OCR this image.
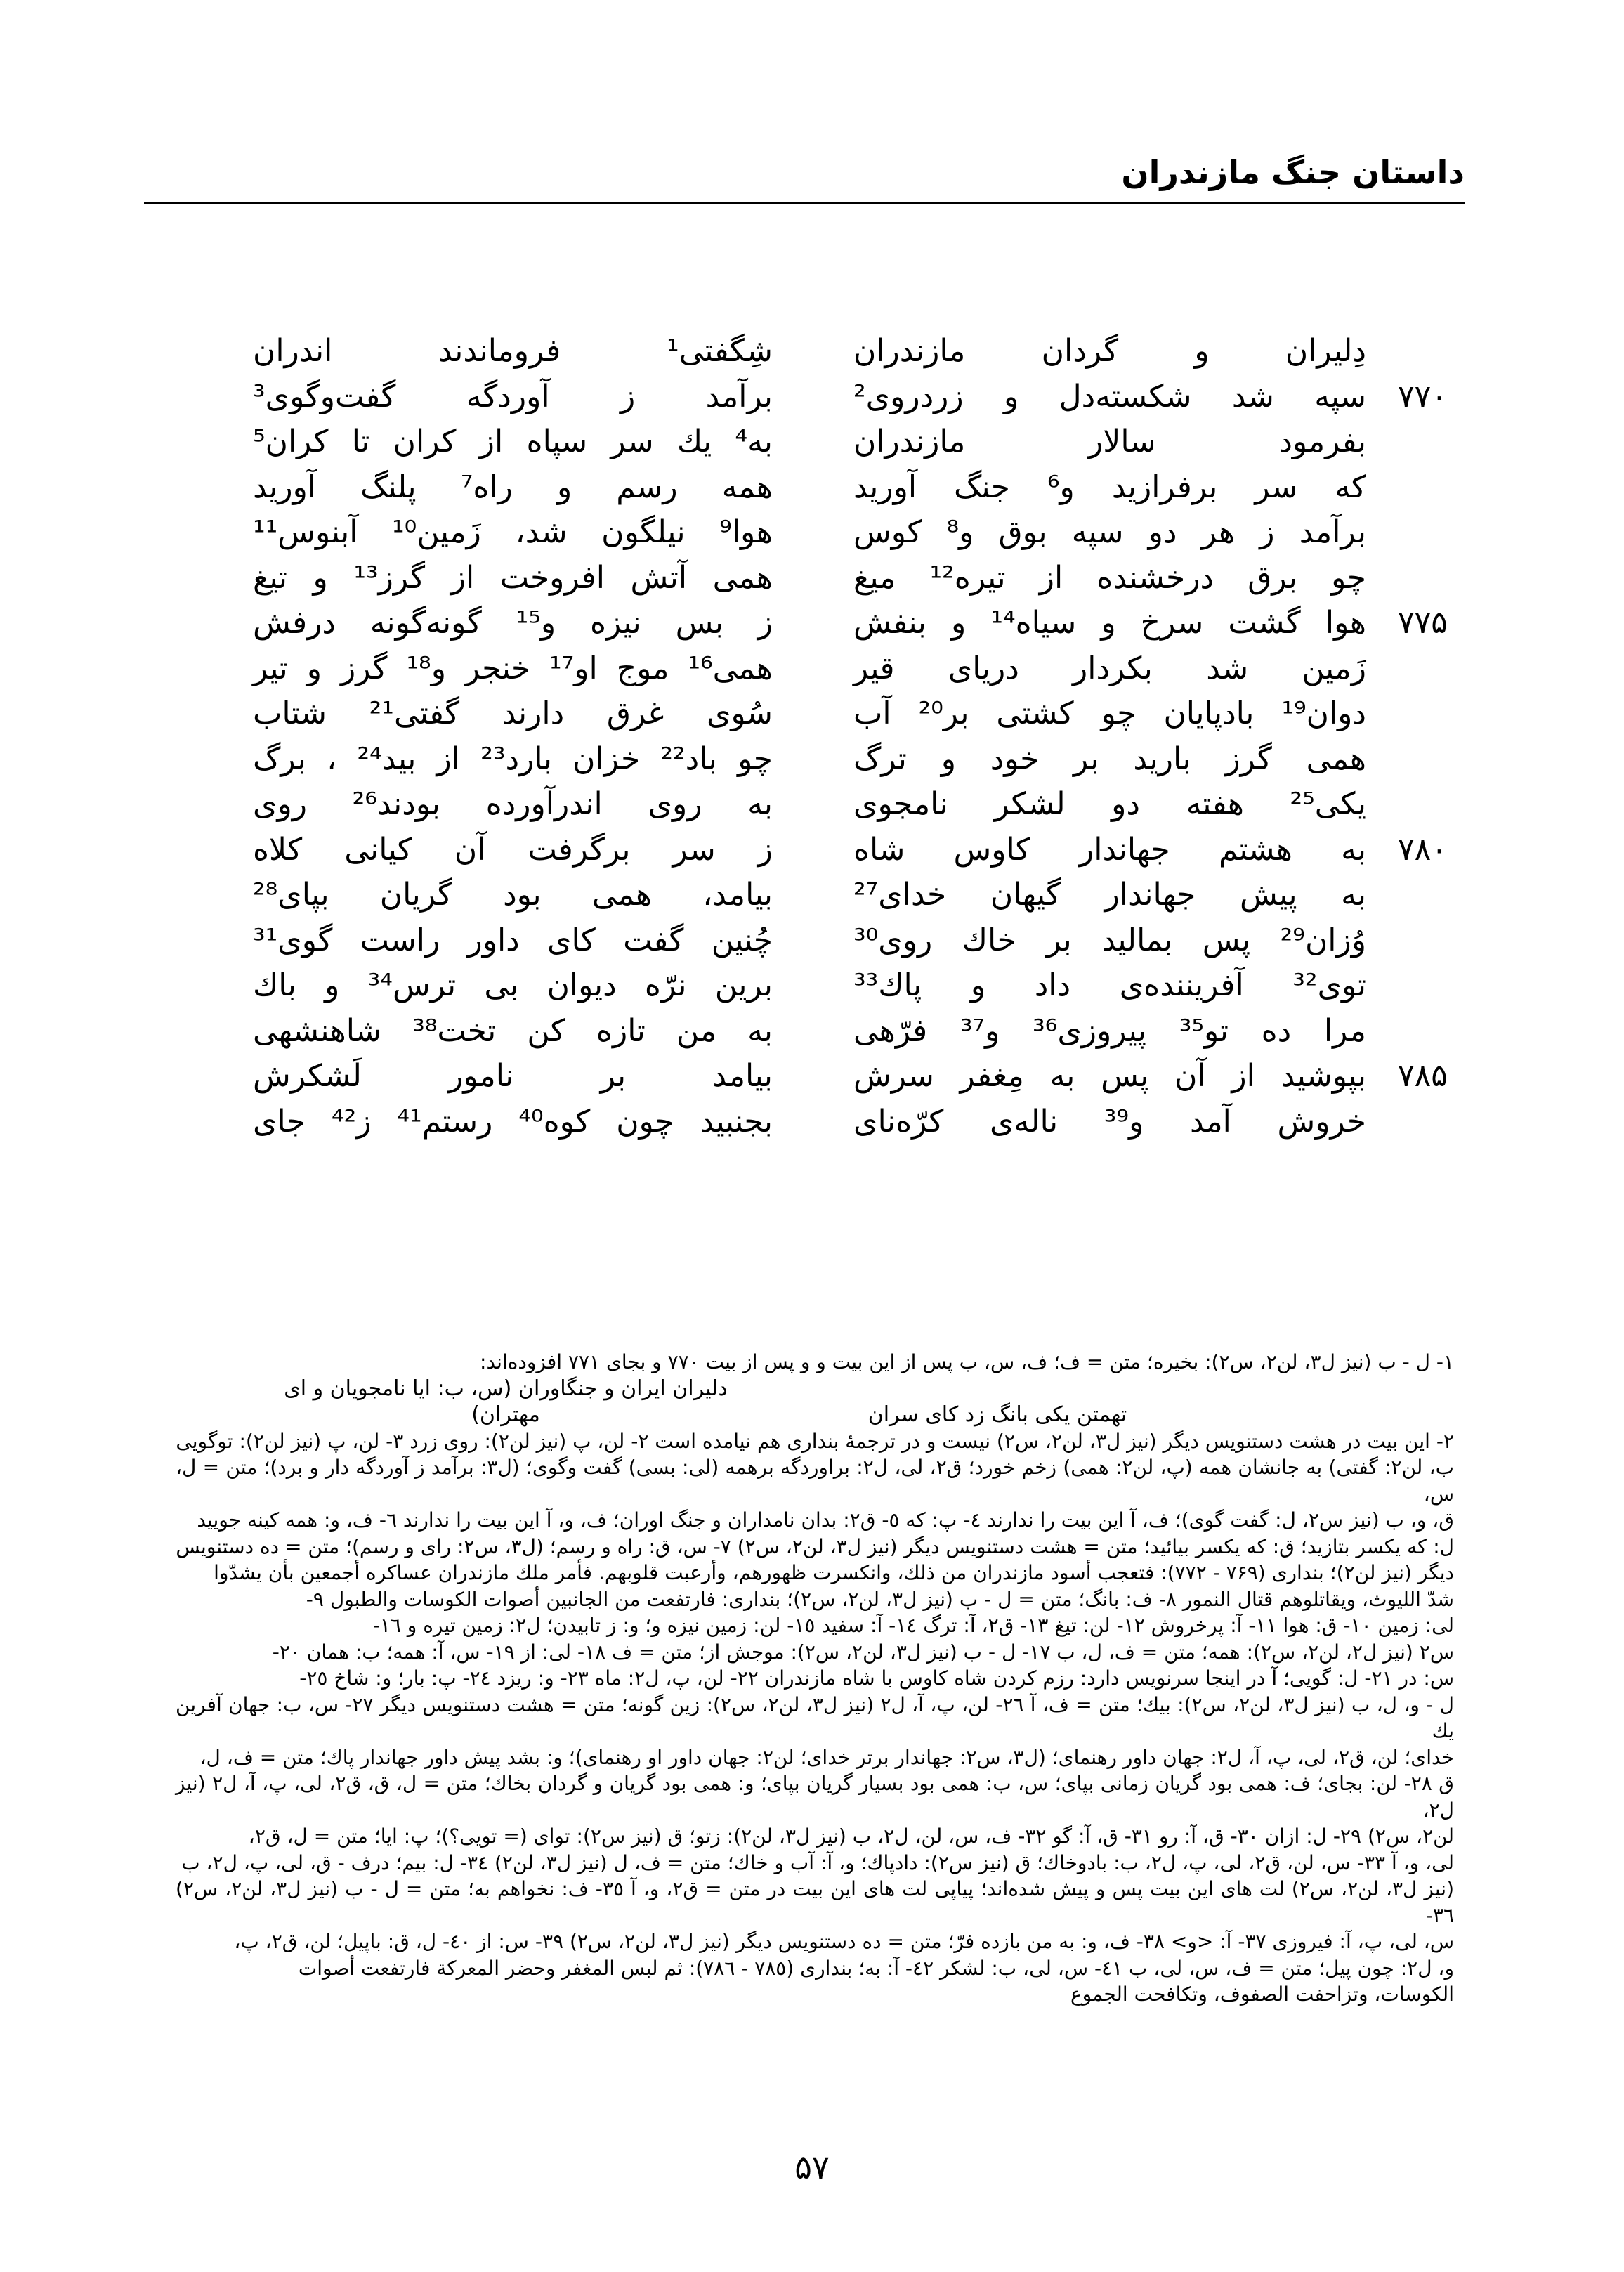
داستان جنگ مازندران
دِلیران و گردان مازندران
شِگفتی¹ فروماندند اندران
۷۷۰
سپه شد شکسته‌دل و زردروی²
برآمد ز آوردگه گفت‌وگوی³
بفرمود سالار مازندران
به⁴ یك سر سپاه از کران تا کران⁵
که سر برفرازید و⁶ جنگ آورید
همه رسم و راه⁷ پلنگ آورید
برآمد ز هر دو سپه بوق و⁸ کوس
هوا⁹ نیلگون شد، زَمین¹⁰ آبنوس¹¹
چو برق درخشنده از تیره¹² میغ
همی آتش افروخت از گرز¹³ و تیغ
۷۷۵
هوا گشت سرخ و سیاه¹⁴ و بنفش
ز بس نیزه و¹⁵ گونه‌گونه درفش
زَمین شد بکردار دریای قیر
همی¹⁶ موج او¹⁷ خنجر و¹⁸ گرز و تیر
دوان¹⁹ بادپایان چو کشتی بر²⁰ آب
سُوی غرق دارند گفتی²¹ شتاب
همی گرز بارید بر خود و ترگ
چو باد²² خزان بارد²³ از بید²⁴ ، برگ
یکی²⁵ هفته دو لشکر نامجوی
به روی اندرآورده بودند²⁶ روی
۷۸۰
به هشتم جهاندار کاوس شاه
ز سر برگرفت آن کیانی کلاه
به پیش جهاندار گیهان خدای²⁷
بیامد، همی بود گریان بپای²⁸
وُزان²⁹ پس بمالید بر خاك روی³⁰
چُنین گفت کای داور راست گوی³¹
توی³² آفریننده‌ی داد و پاك³³
برین نرّه دیوان بی ترس³⁴ و باك
مرا ده تو³⁵ پیروزی³⁶ و³⁷ فرّهی
به من تازه کن تخت³⁸ شاهنشهی
۷۸۵
بپوشید از آن پس به مِغفر سرش
بیامد بر نامور لَشکرش
خروش آمد و³⁹ ناله‌ی کرّه‌نای
بجنبید چون کوه⁴⁰ رستم⁴¹ ز⁴² جای

۱- ل - ب (نیز ل۳، لن۲، س۲): بخیره؛ متن = ف؛ ف، س، ب پس از این بیت و و پس از بیت ۷۷۰ و بجای ۷۷۱ افزوده‌اند:

تهمتن یکی بانگ زد کای سراندلیران ایران و جنگاوران (س، ب: ایا نامجویان و ای مهتران)

۲- این بیت در هشت دستنویس دیگر (نیز ل۳، لن۲، س۲) نیست و در ترجمهٔ بنداری هم نیامده است ۲- لن، پ (نیز لن۲): روی زرد ۳- لن، پ (نیز لن۲): توگویی

ب، لن۲: گفتی) به جانشان همه (پ، لن۲: همی) زخم خورد؛ ق۲، لی، ل۲: براوردگه برهمه (لی: بسی) گفت وگوی؛ (ل۳: برآمد ز آوردگه دار و برد)؛ متن = ل، س،

ق، و، ب (نیز س۲، ل: گفت گوی)؛ ف، آ این بیت را ندارند ٤- پ: که ٥- ق۲: بدان نامداران و جنگ اوران؛ ف، و، آ این بیت را ندارند ٦- ف، و: همه کینه جویید

ل: که یکسر بتازید؛ ق: که یکسر بیائید؛ متن = هشت دستنویس دیگر (نیز ل۳، لن۲، س۲) ۷- س، ق: راه و رسم؛ (ل۳، س۲: رای و رسم)؛ متن = ده دستنویس

دیگر (نیز لن۲)؛ بنداری (۷۶۹ - ۷۷۲): فتعجب أسود مازندران من ذلك، وانكسرت ظهورهم، وأرعبت قلوبهم. فأمر ملك مازندران عساكره أجمعين بأن يشدّوا

شدّ الليوث، ويقاتلوهم قتال النمور ۸- ف: بانگ؛ متن = ل - ب (نیز ل۳، لن۲، س۲)؛ بنداری: فارتفعت من الجانبين أصوات الكوسات والطبول ۹-

لی: زمین ۱۰- ق: هوا ۱۱- آ: پرخروش ۱۲- لن: تیغ ۱۳- ق۲، آ: ترگ ۱٤- آ: سفید ۱٥- لن: زمین نیزه و؛ و: ز تابیدن؛ ل۲: زمین تیره و ۱٦-

س۲ (نیز ل۲، لن۲، س۲): همه؛ متن = ف، ل، ب ۱۷- ل - ب (نیز ل۳، لن۲، س۲): موجش از؛ متن = ف ۱۸- لی: از ۱۹- س، آ: همه؛ ب: همان ۲۰-

س: در ۲۱- ل: گویی؛ آ در اینجا سرنویس دارد: رزم کردن شاه کاوس با شاه مازندران ۲۲- لن، پ، ل۲: ماه ۲۳- و: ریزد ۲٤- پ: بار؛ و: شاخ ۲٥-

ل - و، ل، ب (نیز ل۳، لن۲، س۲): بیك؛ متن = ف، آ ۲٦- لن، پ، آ، ل۲ (نیز ل۳، لن۲، س۲): زین گونه؛ متن = هشت دستنویس دیگر ۲۷- س، ب: جهان آفرین یك

خدای؛ لن، ق۲، لی، پ، آ، ل۲: جهان داور رهنمای؛ (ل۳، س۲: جهاندار برتر خدای؛ لن۲: جهان داور او رهنمای)؛ و: بشد پیش داور جهاندار پاك؛ متن = ف، ل،

ق ۲۸- لن: بجای؛ ف: همی بود گریان زمانی بپای؛ س، ب: همی بود بسیار گریان بپای؛ و: همی بود گریان و گردان بخاك؛ متن = ل، ق، ق۲، لی، پ، آ، ل۲ (نیز ل۲،

لن۲، س۲) ۲۹- ل: ازان ۳۰- ق، آ: رو ۳۱- ق، آ: گو ۳۲- ف، س، لن، ل۲، ب (نیز ل۳، لن۲): زتو؛ ق (نیز س۲): توای (= تویی؟)؛ پ: ایا؛ متن = ل، ق۲،

لی، و، آ ۳۳- س، لن، ق۲، لی، پ، ل۲، ب: بادوخاك؛ ق (نیز س۲): دادپاك؛ و، آ: آب و خاك؛ متن = ف، ل (نیز ل۳، لن۲) ۳٤- ل: بیم؛ درف - ق، لی، پ، ل۲، ب

(نیز ل۳، لن۲، س۲) لت های این بیت پس و پیش شده‌اند؛ پیاپی لت های این بیت در متن = ق۲، و، آ ۳٥- ف: نخواهم به؛ متن = ل - ب (نیز ل۳، لن۲، س۲) ۳٦-

س، لی، پ، آ: فیروزی ۳۷- آ: <و> ۳۸- ف، و: به من بازده فرّ؛ متن = ده دستنویس دیگر (نیز ل۳، لن۲، س۲) ۳۹- س: از ٤۰- ل، ق: باپیل؛ لن، ق۲، پ،

و، ل۲: چون پیل؛ متن = ف، س، لی، ب ٤۱- س، لی، ب: لشکر ٤۲- آ: به؛ بنداری (۷۸٥ - ۷۸٦): ثم لبس المغفر وحضر المعركة فارتفعت أصوات

الكوسات، وتزاحفت الصفوف، وتكافحت الجموع

۵۷
